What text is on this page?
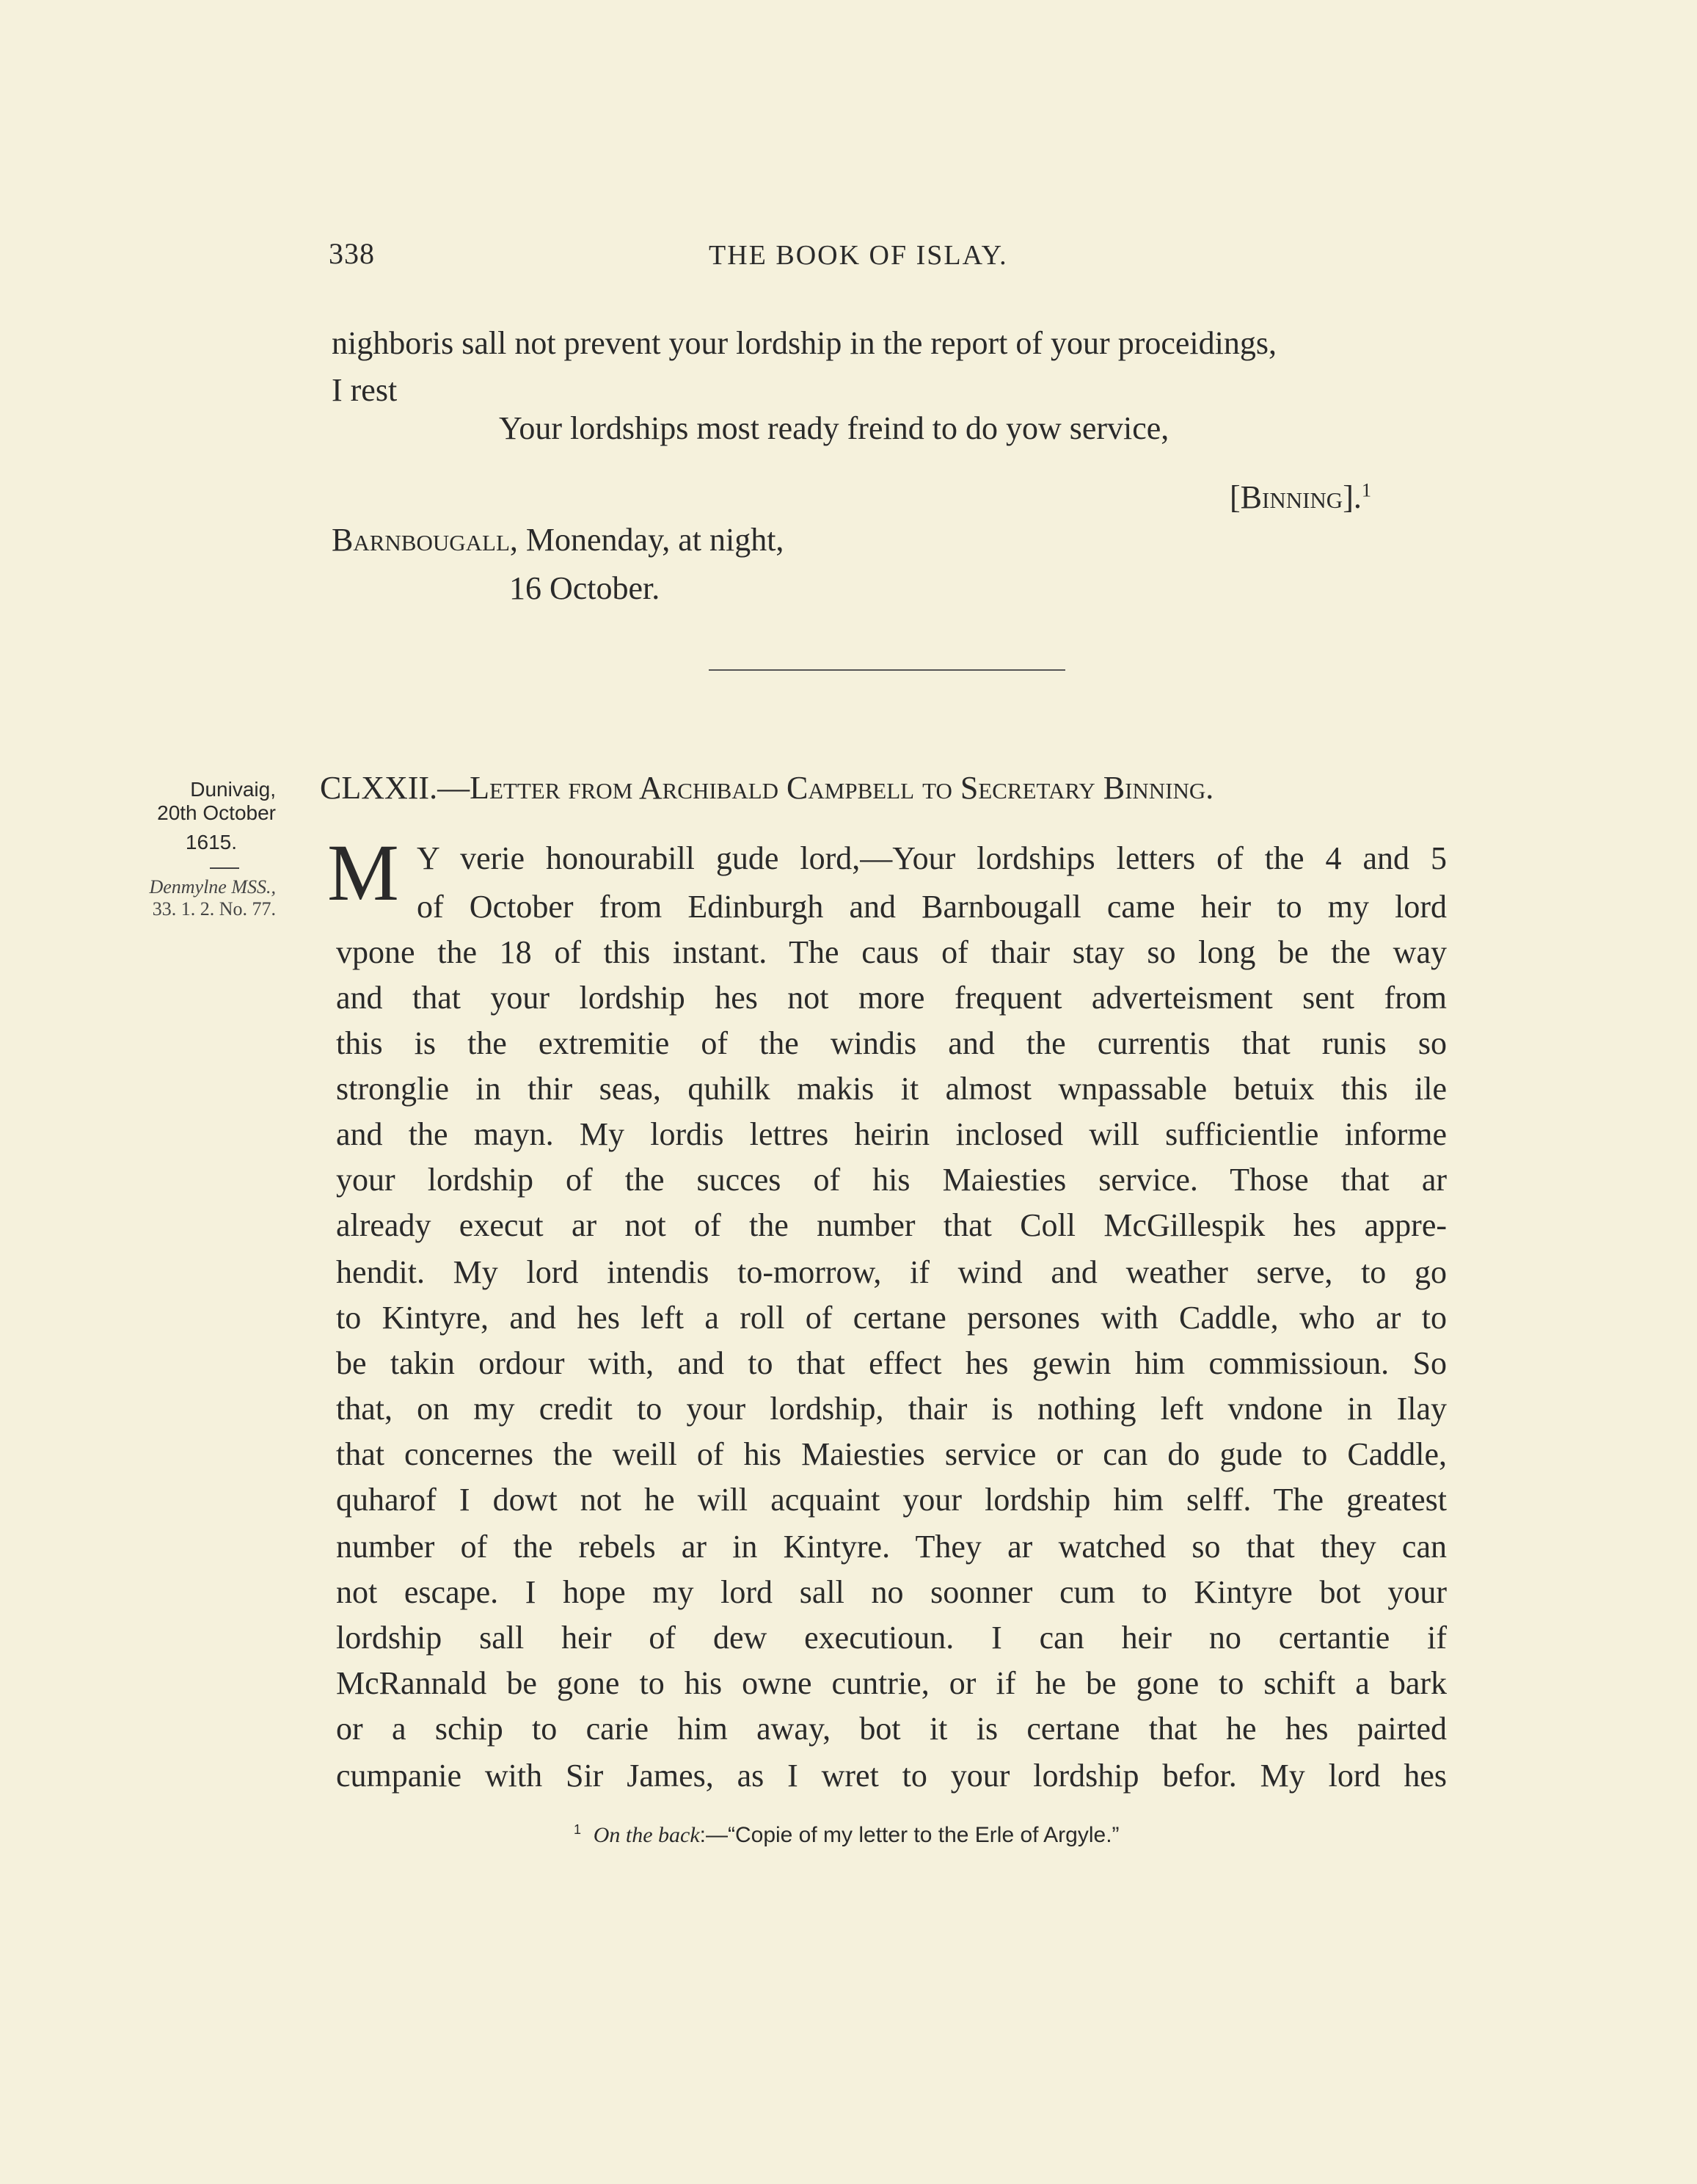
338	THE BOOK OF ISLAY.
nighboris sall not prevent your lordship in the report of your proceidings,
I rest
Your lordships most ready freind to do yow service,
[Binning].$^1$
Barnbougall, Monenday, at night,
16 October.
Dunivaig,
20th October
1615.
Denmylne MSS.,
33. 1. 2. No. 77.
CLXXII.—Letter from Archibald Campbell to Secretary Binning.
M Y verie honourabill gude lord,—Your lordships letters of the 4 and 5
of October from Edinburgh and Barnbougall came heir to my lord
vpone the 18 of this instant. The caus of thair stay so long be the way
and that your lordship hes not more frequent adverteisment sent from
this is the extremitie of the windis and the currentis that runis so
stronglie in thir seas, quhilk makis it almost wnpassable betuix this ile
and the mayn. My lordis lettres heirin inclosed will sufficientlie informe
your lordship of the succes of his Maiesties service. Those that ar
already execut ar not of the number that Coll McGillespik hes appre-
hendit. My lord intendis to-morrow, if wind and weather serve, to go
to Kintyre, and hes left a roll of certane persones with Caddle, who ar to
be takin ordour with, and to that effect hes gewin him commissioun. So
that, on my credit to your lordship, thair is nothing left vndone in Ilay
that concernes the weill of his Maiesties service or can do gude to Caddle,
quharof I dowt not he will acquaint your lordship him selff. The greatest
number of the rebels ar in Kintyre. They ar watched so that they can
not escape. I hope my lord sall no soonner cum to Kintyre bot your
lordship sall heir of dew executioun. I can heir no certantie if
McRannald be gone to his owne cuntrie, or if he be gone to schift a bark
or a schip to carie him away, bot it is certane that he hes pairted
cumpanie with Sir James, as I wret to your lordship befor. My lord hes
$^1$ On the back:—“Copie of my letter to the Erle of Argyle.”
